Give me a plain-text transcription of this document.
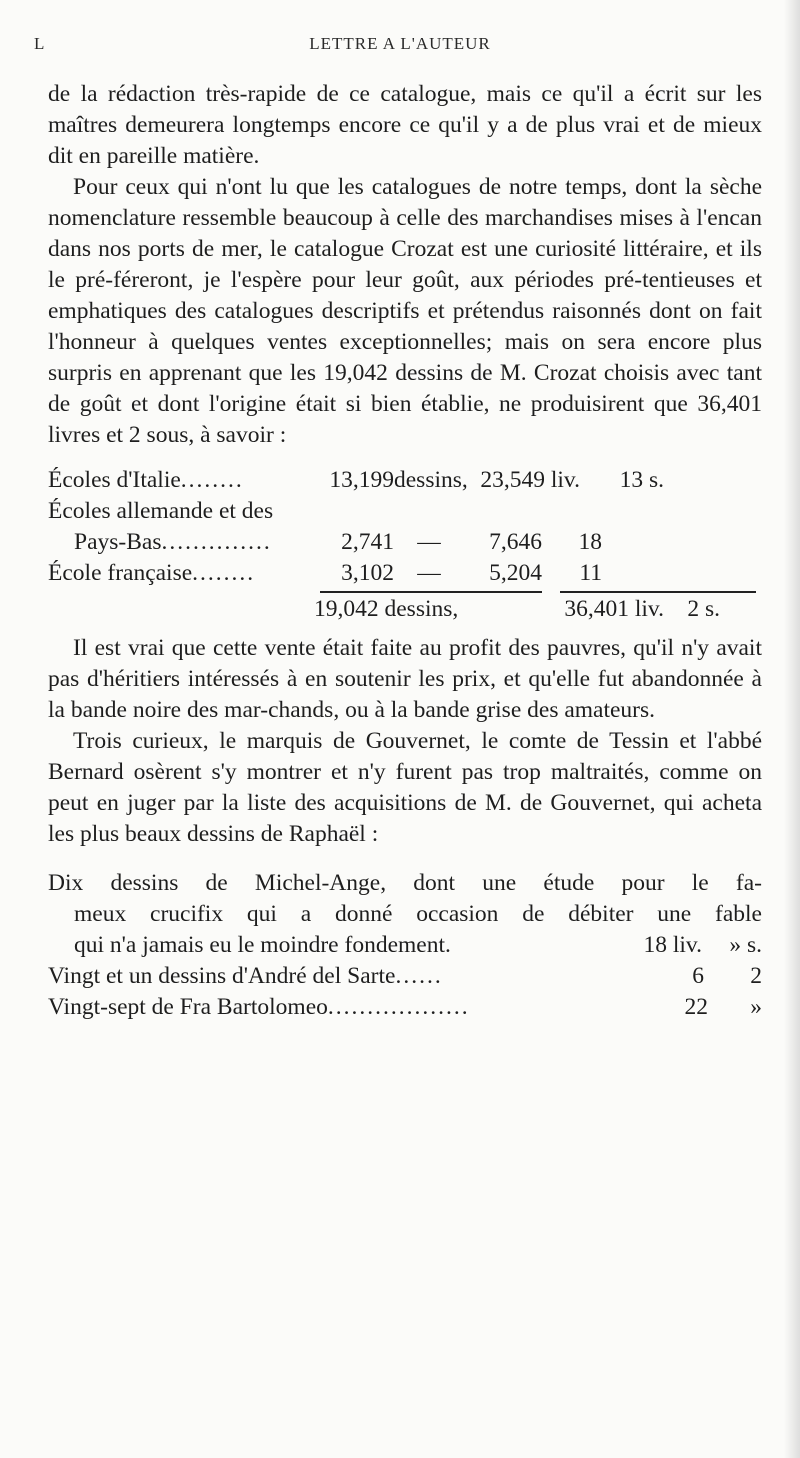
L	LETTRE A L'AUTEUR

de la rédaction très-rapide de ce catalogue, mais ce qu'il a écrit sur les maîtres demeurera longtemps encore ce qu'il y a de plus vrai et de mieux dit en pareille matière.

Pour ceux qui n'ont lu que les catalogues de notre temps, dont la sèche nomenclature ressemble beaucoup à celle des marchandises mises à l'encan dans nos ports de mer, le catalogue Crozat est une curiosité littéraire, et ils le pré-féreront, je l'espère pour leur goût, aux périodes pré-tentieuses et emphatiques des catalogues descriptifs et prétendus raisonnés dont on fait l'honneur à quelques ventes exceptionnelles; mais on sera encore plus surpris en apprenant que les 19,042 dessins de M. Crozat choisis avec tant de goût et dont l'origine était si bien établie, ne produisirent que 36,401 livres et 2 sous, à savoir :

Écoles d'Italie ........	13,199 dessins, 23,549 liv.	13 s.
Écoles allemande et des
Pays-Bas ..............	2,741 —	7,646	18
École française ........	3,102 —	5,204	11
19,042 dessins,	36,401 liv. 2 s.

Il est vrai que cette vente était faite au profit des pauvres, qu'il n'y avait pas d'héritiers intéressés à en soutenir les prix, et qu'elle fut abandonnée à la bande noire des mar-chands, ou à la bande grise des amateurs.

Trois curieux, le marquis de Gouvernet, le comte de Tessin et l'abbé Bernard osèrent s'y montrer et n'y furent pas trop maltraités, comme on peut en juger par la liste des acquisitions de M. de Gouvernet, qui acheta les plus beaux dessins de Raphaël :

Dix dessins de Michel-Ange, dont une étude pour le fa-
meux crucifix qui a donné occasion de débiter une fable
qui n'a jamais eu le moindre fondement.	18 liv.	» s.
Vingt et un dessins d'André del Sarte ......	6	2
Vingt-sept de Fra Bartolomeo ..................	22	»
